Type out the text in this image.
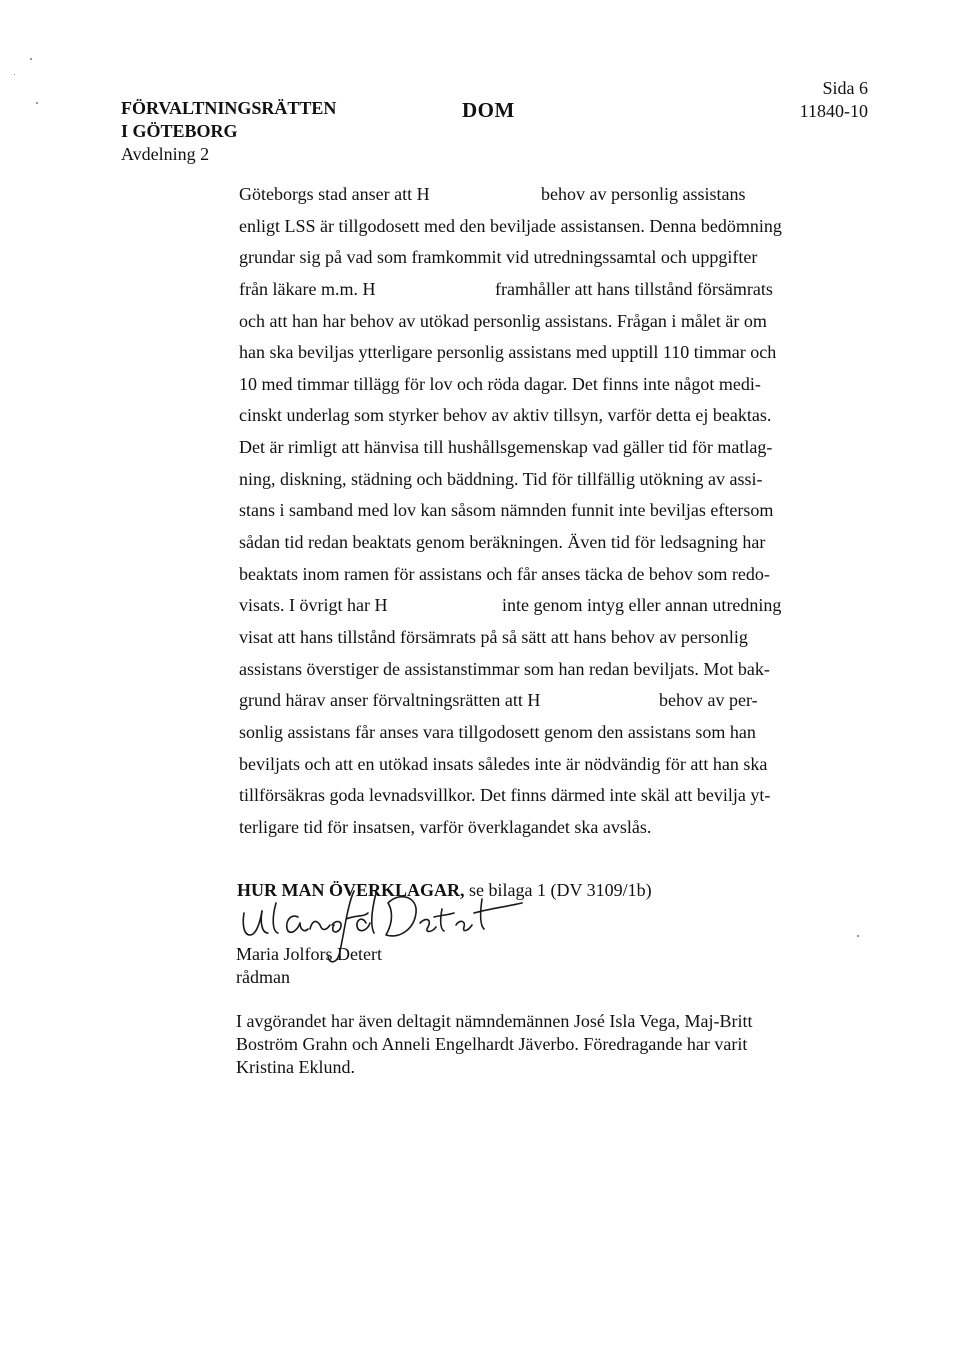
FÖRVALTNINGSRÄTTEN
I GÖTEBORG
Avdelning 2
DOM
Sida 6
11840-10
Göteborgs stad anser att H	behov av personlig assistans
enligt LSS är tillgodosett med den beviljade assistansen. Denna bedömning
grundar sig på vad som framkommit vid utredningssamtal och uppgifter
från läkare m.m. H	framhåller att hans tillstånd försämrats
och att han har behov av utökad personlig assistans. Frågan i målet är om
han ska beviljas ytterligare personlig assistans med upptill 110 timmar och
10 med timmar tillägg för lov och röda dagar. Det finns inte något medi-
cinskt underlag som styrker behov av aktiv tillsyn, varför detta ej beaktas.
Det är rimligt att hänvisa till hushållsgemenskap vad gäller tid för matlag-
ning, diskning, städning och bäddning. Tid för tillfällig utökning av assi-
stans i samband med lov kan såsom nämnden funnit inte beviljas eftersom
sådan tid redan beaktats genom beräkningen. Även tid för ledsagning har
beaktats inom ramen för assistans och får anses täcka de behov som redo-
visats. I övrigt har H	inte genom intyg eller annan utredning
visat att hans tillstånd försämrats på så sätt att hans behov av personlig
assistans överstiger de assistanstimmar som han redan beviljats. Mot bak-
grund härav anser förvaltningsrätten att H	behov av per-
sonlig assistans får anses vara tillgodosett genom den assistans som han
beviljats och att en utökad insats således inte är nödvändig för att han ska
tillförsäkras goda levnadsvillkor. Det finns därmed inte skäl att bevilja yt-
terligare tid för insatsen, varför överklagandet ska avslås.
HUR MAN ÖVERKLAGAR, se bilaga 1 (DV 3109/1b)
Maria Jolfors Detert
rådman
I avgörandet har även deltagit nämndemännen José Isla Vega, Maj-Britt Boström Grahn och Anneli Engelhardt Jäverbo. Föredragande har varit Kristina Eklund.
